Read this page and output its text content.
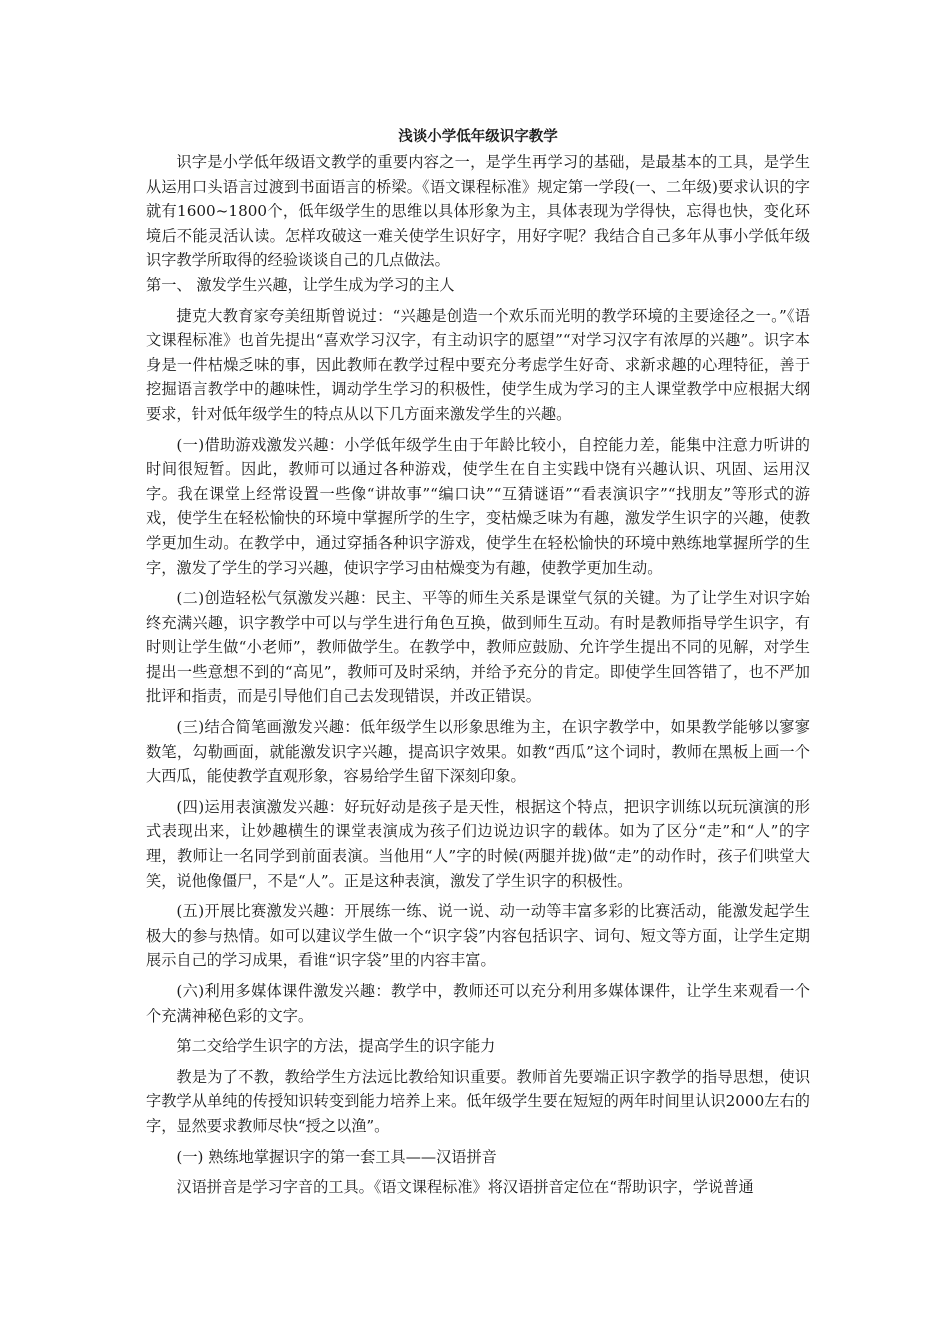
浅谈小学低年级识字教学

识字是小学低年级语文教学的重要内容之一，是学生再学习的基础，是最基本的工具，是学生从运用口头语言过渡到书面语言的桥梁。《语文课程标准》规定第一学段(一、二年级)要求认识的字就有1600~1800个，低年级学生的思维以具体形象为主，具体表现为学得快，忘得也快，变化环境后不能灵活认读。怎样攻破这一难关使学生识好字，用好字呢？我结合自己多年从事小学低年级识字教学所取得的经验谈谈自己的几点做法。

第一、 激发学生兴趣，让学生成为学习的主人

捷克大教育家夸美纽斯曾说过：“兴趣是创造一个欢乐而光明的教学环境的主要途径之一。”《语文课程标准》也首先提出“喜欢学习汉字，有主动识字的愿望”“对学习汉字有浓厚的兴趣”。识字本身是一件枯燥乏味的事，因此教师在教学过程中要充分考虑学生好奇、求新求趣的心理特征，善于挖掘语言教学中的趣味性，调动学生学习的积极性，使学生成为学习的主人课堂教学中应根据大纲要求，针对低年级学生的特点从以下几方面来激发学生的兴趣。

(一)借助游戏激发兴趣：小学低年级学生由于年龄比较小，自控能力差，能集中注意力听讲的时间很短暂。因此，教师可以通过各种游戏，使学生在自主实践中饶有兴趣认识、巩固、运用汉字。我在课堂上经常设置一些像“讲故事”“编口诀”“互猜谜语”“看表演识字”“找朋友”等形式的游戏，使学生在轻松愉快的环境中掌握所学的生字，变枯燥乏味为有趣，激发学生识字的兴趣，使教学更加生动。在教学中，通过穿插各种识字游戏，使学生在轻松愉快的环境中熟练地掌握所学的生字，激发了学生的学习兴趣，使识字学习由枯燥变为有趣，使教学更加生动。

(二)创造轻松气氛激发兴趣：民主、平等的师生关系是课堂气氛的关键。为了让学生对识字始终充满兴趣，识字教学中可以与学生进行角色互换，做到师生互动。有时是教师指导学生识字，有时则让学生做“小老师”，教师做学生。在教学中，教师应鼓励、允许学生提出不同的见解，对学生提出一些意想不到的“高见”，教师可及时采纳，并给予充分的肯定。即使学生回答错了，也不严加批评和指责，而是引导他们自己去发现错误，并改正错误。

(三)结合简笔画激发兴趣：低年级学生以形象思维为主，在识字教学中，如果教学能够以寥寥数笔，勾勒画面，就能激发识字兴趣，提高识字效果。如教“西瓜”这个词时，教师在黑板上画一个大西瓜，能使教学直观形象，容易给学生留下深刻印象。

(四)运用表演激发兴趣：好玩好动是孩子是天性，根据这个特点，把识字训练以玩玩演演的形式表现出来，让妙趣横生的课堂表演成为孩子们边说边识字的载体。如为了区分“走”和“人”的字理，教师让一名同学到前面表演。当他用“人”字的时候(两腿并拢)做“走”的动作时，孩子们哄堂大笑，说他像僵尸，不是“人”。正是这种表演，激发了学生识字的积极性。

(五)开展比赛激发兴趣：开展练一练、说一说、动一动等丰富多彩的比赛活动，能激发起学生极大的参与热情。如可以建议学生做一个“识字袋”内容包括识字、词句、短文等方面，让学生定期展示自己的学习成果，看谁“识字袋”里的内容丰富。

(六)利用多媒体课件激发兴趣：教学中，教师还可以充分利用多媒体课件，让学生来观看一个个充满神秘色彩的文字。

第二交给学生识字的方法，提高学生的识字能力

教是为了不教，教给学生方法远比教给知识重要。教师首先要端正识字教学的指导思想，使识字教学从单纯的传授知识转变到能力培养上来。低年级学生要在短短的两年时间里认识2000左右的字，显然要求教师尽快“授之以渔”。

(一) 熟练地掌握识字的第一套工具——汉语拼音

汉语拼音是学习字音的工具。《语文课程标准》将汉语拼音定位在“帮助识字，学说普通
